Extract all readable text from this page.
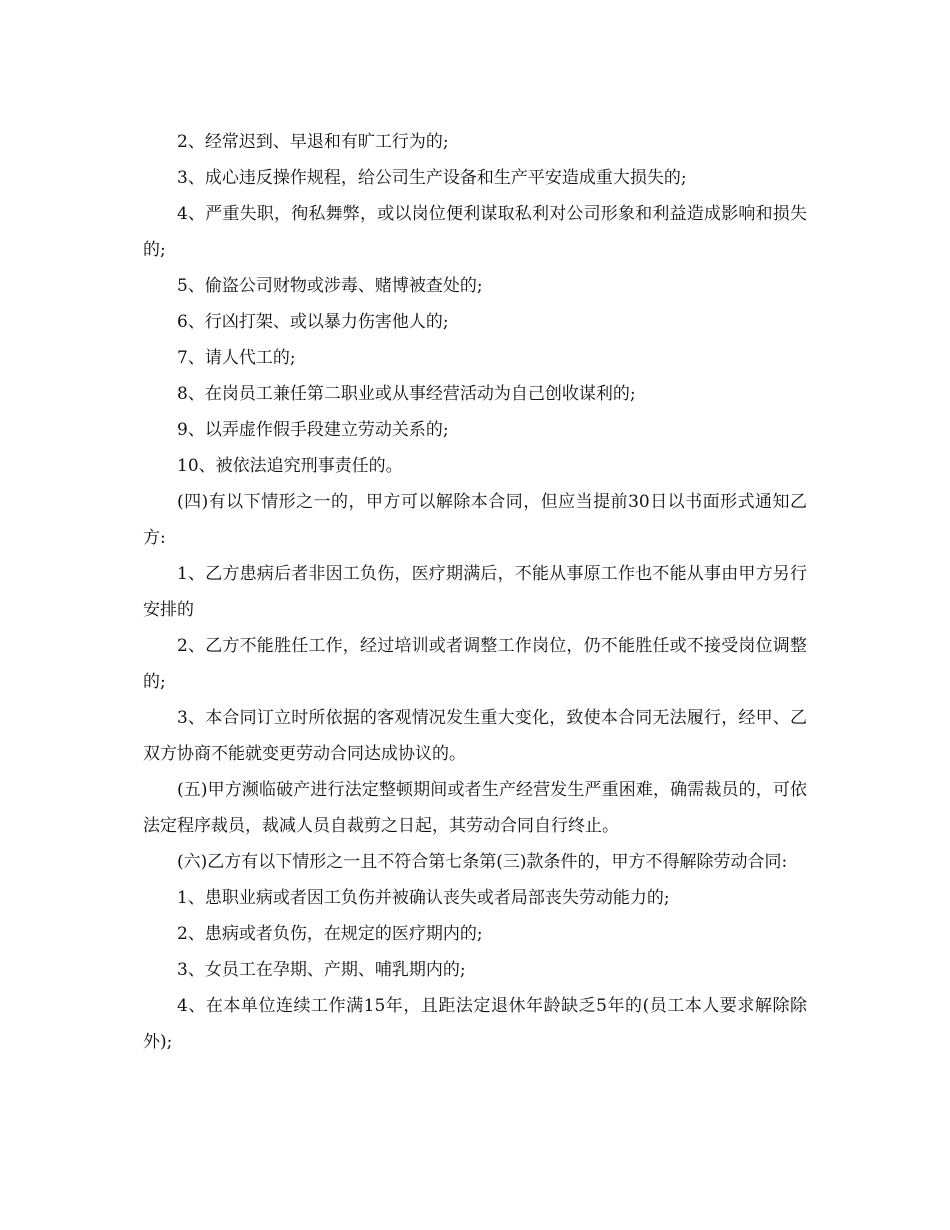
2、经常迟到、早退和有旷工行为的;

3、成心违反操作规程，给公司生产设备和生产平安造成重大损失的;

4、严重失职，徇私舞弊，或以岗位便利谋取私利对公司形象和利益造成影响和损失的;

5、偷盗公司财物或涉毒、赌博被查处的;

6、行凶打架、或以暴力伤害他人的;

7、请人代工的;

8、在岗员工兼任第二职业或从事经营活动为自己创收谋利的;

9、以弄虚作假手段建立劳动关系的;

10、被依法追究刑事责任的。

(四)有以下情形之一的，甲方可以解除本合同，但应当提前30日以书面形式通知乙方:

1、乙方患病后者非因工负伤，医疗期满后，不能从事原工作也不能从事由甲方另行安排的

2、乙方不能胜任工作，经过培训或者调整工作岗位，仍不能胜任或不接受岗位调整的;

3、本合同订立时所依据的客观情况发生重大变化，致使本合同无法履行，经甲、乙双方协商不能就变更劳动合同达成协议的。

(五)甲方濒临破产进行法定整顿期间或者生产经营发生严重困难，确需裁员的，可依法定程序裁员，裁减人员自裁剪之日起，其劳动合同自行终止。

(六)乙方有以下情形之一且不符合第七条第(三)款条件的，甲方不得解除劳动合同:

1、患职业病或者因工负伤并被确认丧失或者局部丧失劳动能力的;

2、患病或者负伤，在规定的医疗期内的;

3、女员工在孕期、产期、哺乳期内的;

4、在本单位连续工作满15年，且距法定退休年龄缺乏5年的(员工本人要求解除除外);
